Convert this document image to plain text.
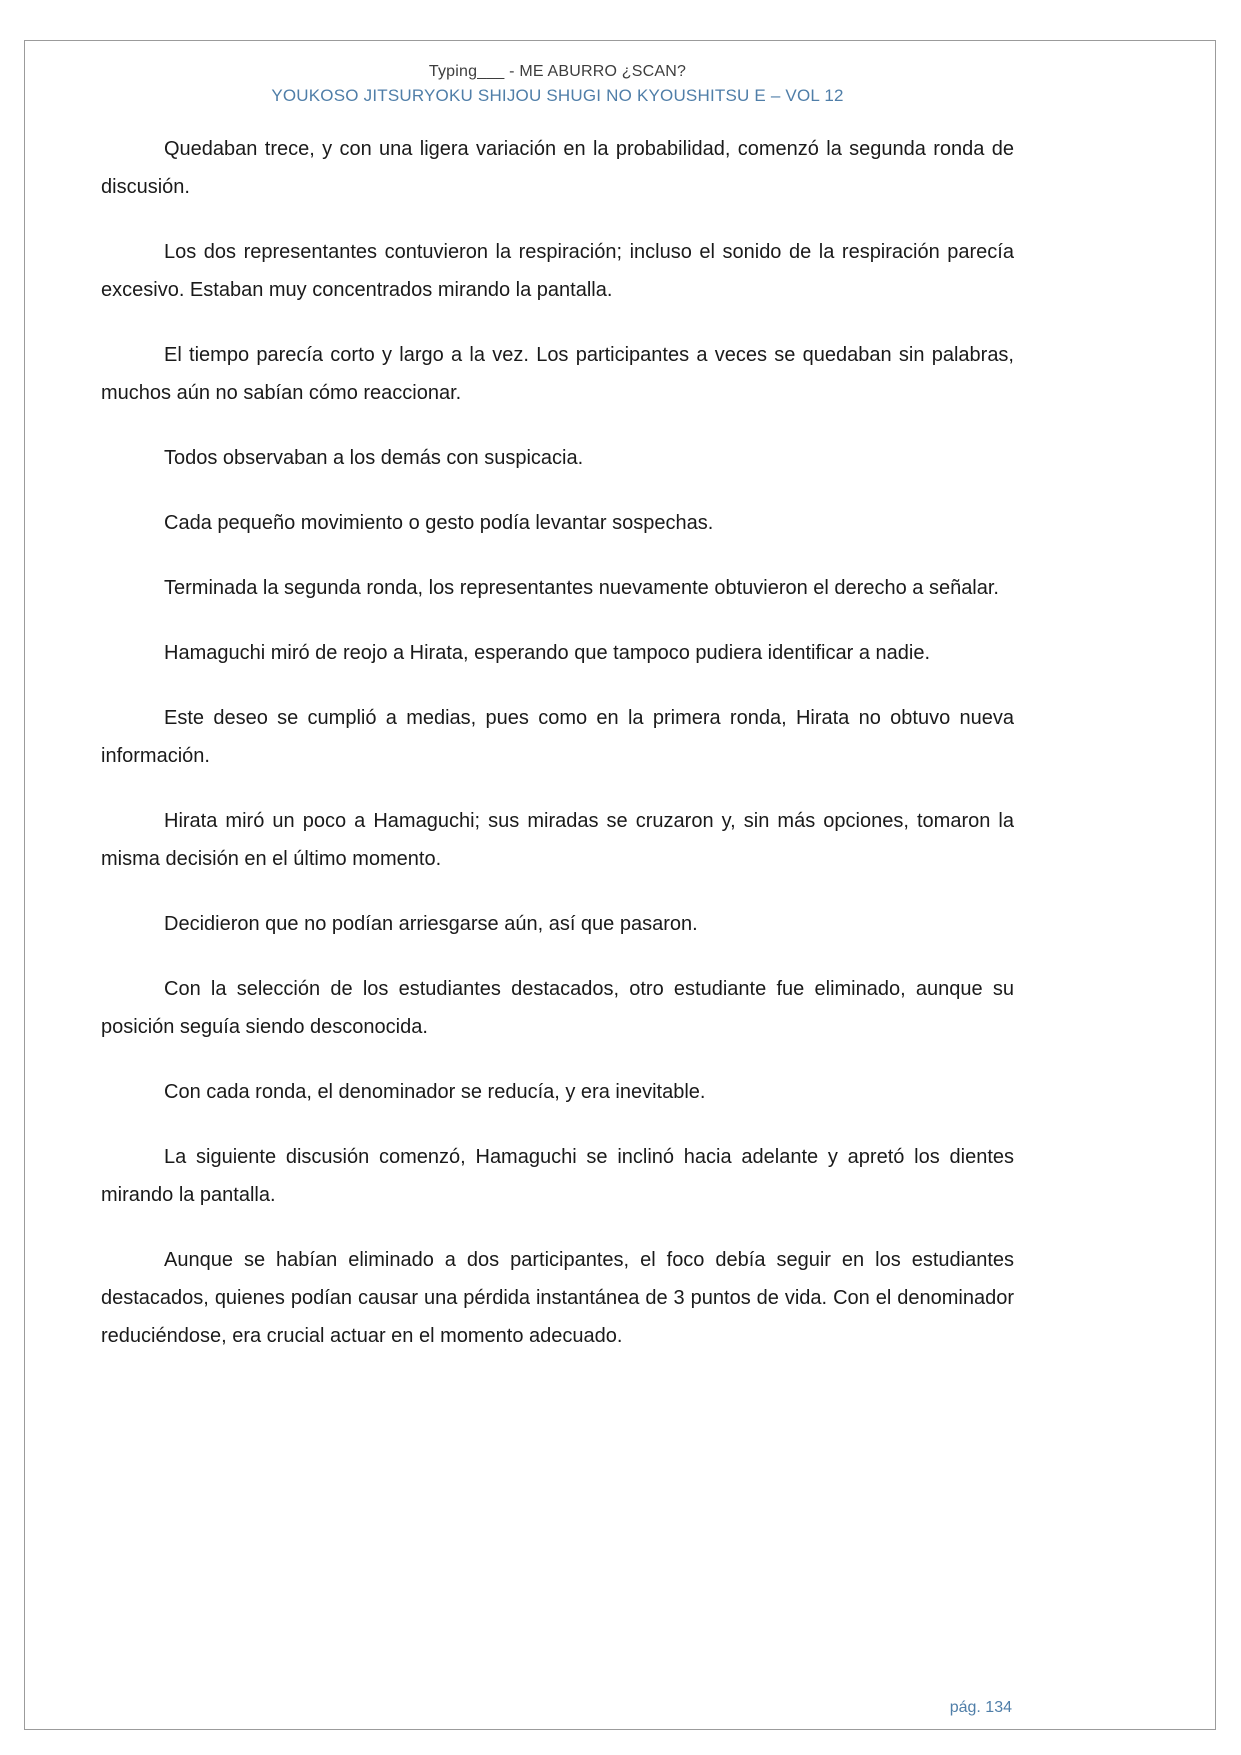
Typing___ - ME ABURRO ¿SCAN?
YOUKOSO JITSURYOKU SHIJOU SHUGI NO KYOUSHITSU E – VOL 12

Quedaban trece, y con una ligera variación en la probabilidad, comenzó la segunda ronda de discusión.

Los dos representantes contuvieron la respiración; incluso el sonido de la respiración parecía excesivo. Estaban muy concentrados mirando la pantalla.

El tiempo parecía corto y largo a la vez. Los participantes a veces se quedaban sin palabras, muchos aún no sabían cómo reaccionar.

Todos observaban a los demás con suspicacia.

Cada pequeño movimiento o gesto podía levantar sospechas.

Terminada la segunda ronda, los representantes nuevamente obtuvieron el derecho a señalar.

Hamaguchi miró de reojo a Hirata, esperando que tampoco pudiera identificar a nadie.

Este deseo se cumplió a medias, pues como en la primera ronda, Hirata no obtuvo nueva información.

Hirata miró un poco a Hamaguchi; sus miradas se cruzaron y, sin más opciones, tomaron la misma decisión en el último momento.

Decidieron que no podían arriesgarse aún, así que pasaron.

Con la selección de los estudiantes destacados, otro estudiante fue eliminado, aunque su posición seguía siendo desconocida.

Con cada ronda, el denominador se reducía, y era inevitable.

La siguiente discusión comenzó, Hamaguchi se inclinó hacia adelante y apretó los dientes mirando la pantalla.

Aunque se habían eliminado a dos participantes, el foco debía seguir en los estudiantes destacados, quienes podían causar una pérdida instantánea de 3 puntos de vida. Con el denominador reduciéndose, era crucial actuar en el momento adecuado.

pág. 134
